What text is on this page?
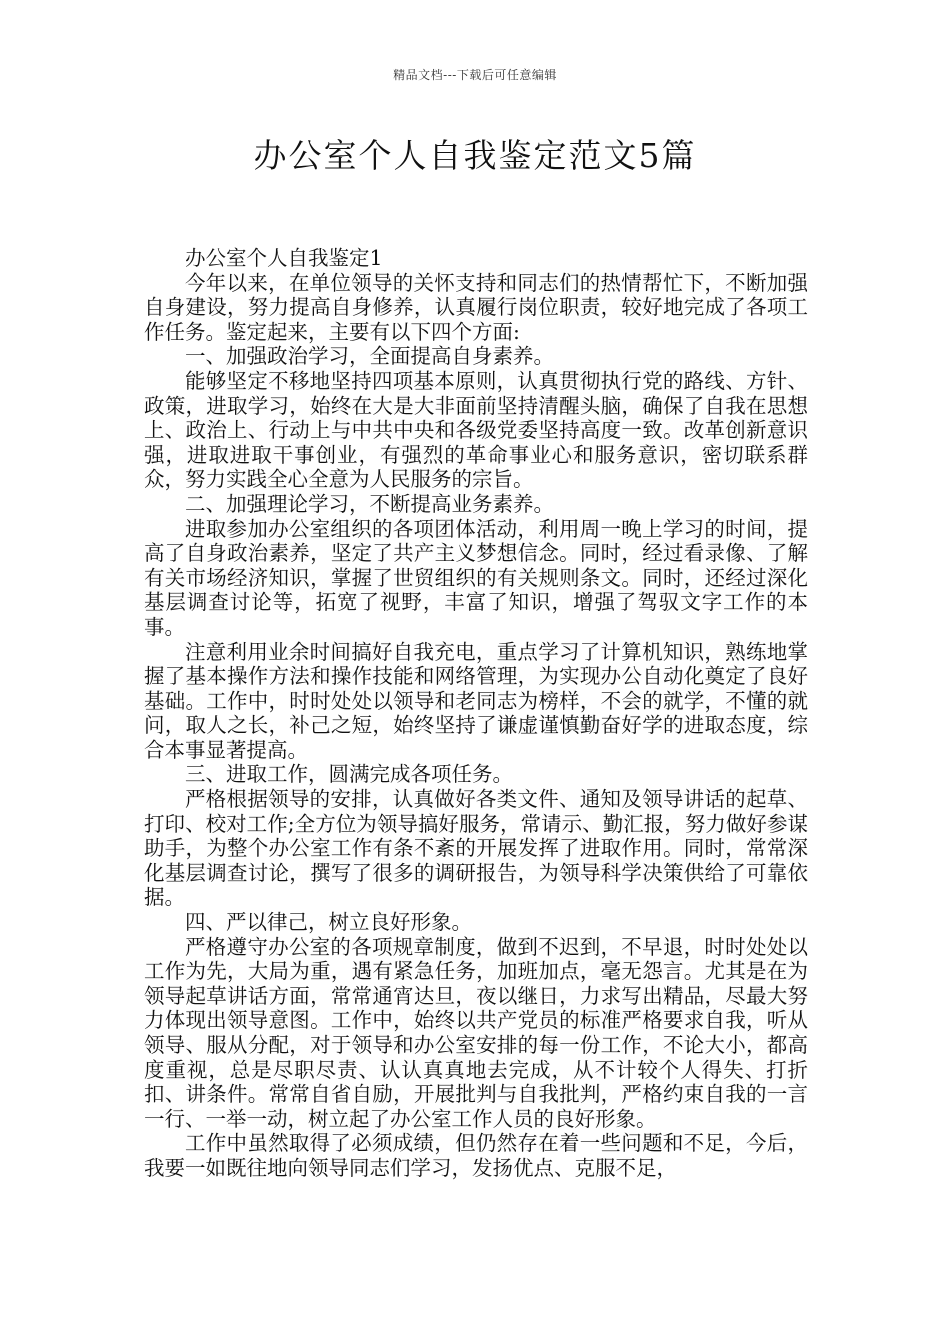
精品文档---下载后可任意编辑
办公室个人自我鉴定范文5篇

办公室个人自我鉴定1

今年以来，在单位领导的关怀支持和同志们的热情帮忙下，不断加强自身建设，努力提高自身修养，认真履行岗位职责，较好地完成了各项工作任务。鉴定起来，主要有以下四个方面:

一、加强政治学习，全面提高自身素养。

能够坚定不移地坚持四项基本原则，认真贯彻执行党的路线、方针、政策，进取学习，始终在大是大非面前坚持清醒头脑，确保了自我在思想上、政治上、行动上与中共中央和各级党委坚持高度一致。改革创新意识强，进取进取干事创业，有强烈的革命事业心和服务意识，密切联系群众，努力实践全心全意为人民服务的宗旨。

二、加强理论学习，不断提高业务素养。

进取参加办公室组织的各项团体活动，利用周一晚上学习的时间，提高了自身政治素养，坚定了共产主义梦想信念。同时，经过看录像、了解有关市场经济知识，掌握了世贸组织的有关规则条文。同时，还经过深化基层调查讨论等，拓宽了视野，丰富了知识，增强了驾驭文字工作的本事。

注意利用业余时间搞好自我充电，重点学习了计算机知识，熟练地掌握了基本操作方法和操作技能和网络管理，为实现办公自动化奠定了良好基础。工作中，时时处处以领导和老同志为榜样，不会的就学，不懂的就问，取人之长，补己之短，始终坚持了谦虚谨慎勤奋好学的进取态度，综合本事显著提高。

三、进取工作，圆满完成各项任务。

严格根据领导的安排，认真做好各类文件、通知及领导讲话的起草、打印、校对工作;全方位为领导搞好服务，常请示、勤汇报，努力做好参谋助手，为整个办公室工作有条不紊的开展发挥了进取作用。同时，常常深化基层调查讨论，撰写了很多的调研报告，为领导科学决策供给了可靠依据。

四、严以律己，树立良好形象。

严格遵守办公室的各项规章制度，做到不迟到，不早退，时时处处以工作为先，大局为重，遇有紧急任务，加班加点，毫无怨言。尤其是在为领导起草讲话方面，常常通宵达旦，夜以继日，力求写出精品，尽最大努力体现出领导意图。工作中，始终以共产党员的标准严格要求自我，听从领导、服从分配，对于领导和办公室安排的每一份工作，不论大小，都高度重视，总是尽职尽责、认认真真地去完成，从不计较个人得失、打折扣、讲条件。常常自省自励，开展批判与自我批判，严格约束自我的一言一行、一举一动，树立起了办公室工作人员的良好形象。

工作中虽然取得了必须成绩，但仍然存在着一些问题和不足，今后，我要一如既往地向领导同志们学习，发扬优点、克服不足，
